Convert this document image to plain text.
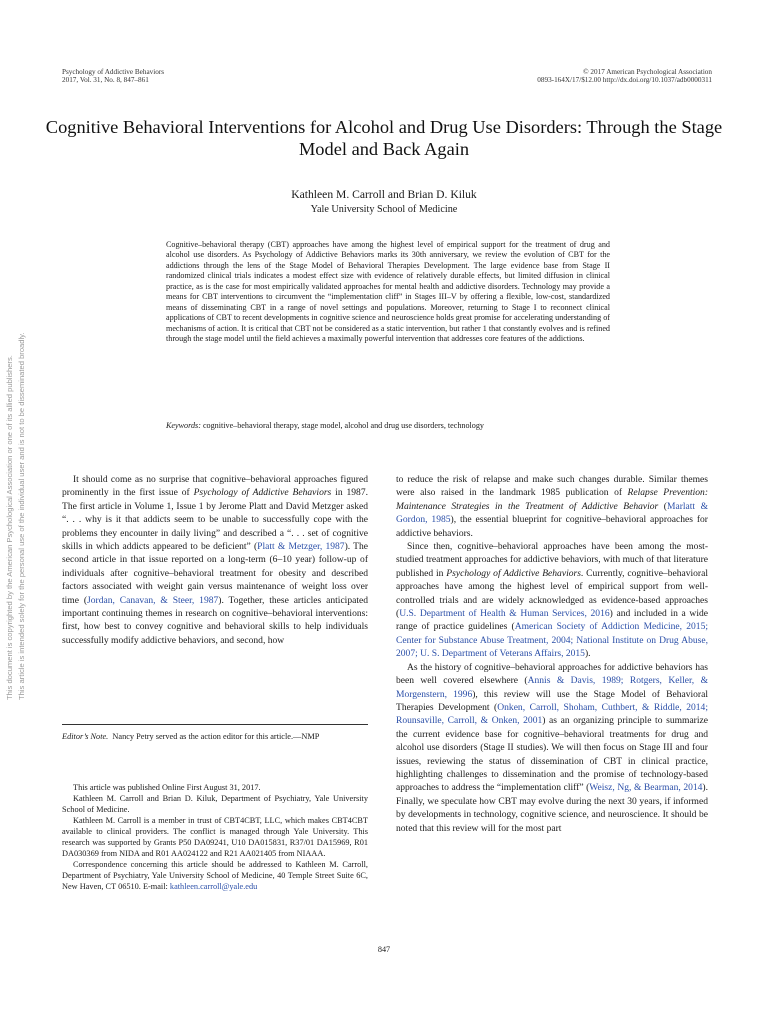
Psychology of Addictive Behaviors
2017, Vol. 31, No. 8, 847–861
© 2017 American Psychological Association
0893-164X/17/$12.00 http://dx.doi.org/10.1037/adb0000311
This document is copyrighted by the American Psychological Association or one of its allied publishers. This article is intended solely for the personal use of the individual user and is not to be disseminated broadly.
Cognitive Behavioral Interventions for Alcohol and Drug Use Disorders: Through the Stage Model and Back Again
Kathleen M. Carroll and Brian D. Kiluk
Yale University School of Medicine
Cognitive–behavioral therapy (CBT) approaches have among the highest level of empirical support for the treatment of drug and alcohol use disorders. As Psychology of Addictive Behaviors marks its 30th anniversary, we review the evolution of CBT for the addictions through the lens of the Stage Model of Behavioral Therapies Development. The large evidence base from Stage II randomized clinical trials indicates a modest effect size with evidence of relatively durable effects, but limited diffusion in clinical practice, as is the case for most empirically validated approaches for mental health and addictive disorders. Technology may provide a means for CBT interventions to circumvent the “implementation cliff” in Stages III–V by offering a flexible, low-cost, standardized means of disseminating CBT in a range of novel settings and populations. Moreover, returning to Stage I to reconnect clinical applications of CBT to recent developments in cognitive science and neuroscience holds great promise for accelerating understanding of mechanisms of action. It is critical that CBT not be considered as a static intervention, but rather 1 that constantly evolves and is refined through the stage model until the field achieves a maximally powerful intervention that addresses core features of the addictions.
Keywords: cognitive–behavioral therapy, stage model, alcohol and drug use disorders, technology

It should come as no surprise that cognitive–behavioral approaches figured prominently in the first issue of Psychology of Addictive Behaviors in 1987. The first article in Volume 1, Issue 1 by Jerome Platt and David Metzger asked “. . . why is it that addicts seem to be unable to successfully cope with the problems they encounter in daily living” and described a “. . . set of cognitive skills in which addicts appeared to be deficient” (Platt & Metzger, 1987). The second article in that issue reported on a long-term (6–10 year) follow-up of individuals after cognitive–behavioral treatment for obesity and described factors associated with weight gain versus maintenance of weight loss over time (Jordan, Canavan, & Steer, 1987). Together, these articles anticipated important continuing themes in research on cognitive–behavioral interventions: first, how best to convey cognitive and behavioral skills to help individuals successfully modify addictive behaviors, and second, how

to reduce the risk of relapse and make such changes durable. Similar themes were also raised in the landmark 1985 publication of Relapse Prevention: Maintenance Strategies in the Treatment of Addictive Behavior (Marlatt & Gordon, 1985), the essential blueprint for cognitive–behavioral approaches for addictive behaviors.

Since then, cognitive–behavioral approaches have been among the most-studied treatment approaches for addictive behaviors, with much of that literature published in Psychology of Addictive Behaviors. Currently, cognitive–behavioral approaches have among the highest level of empirical support from well-controlled trials and are widely acknowledged as evidence-based approaches (U.S. Department of Health & Human Services, 2016) and included in a wide range of practice guidelines (American Society of Addiction Medicine, 2015; Center for Substance Abuse Treatment, 2004; National Institute on Drug Abuse, 2007; U. S. Department of Veterans Affairs, 2015).

As the history of cognitive–behavioral approaches for addictive behaviors has been well covered elsewhere (Annis & Davis, 1989; Rotgers, Keller, & Morgenstern, 1996), this review will use the Stage Model of Behavioral Therapies Development (Onken, Carroll, Shoham, Cuthbert, & Riddle, 2014; Rounsaville, Carroll, & Onken, 2001) as an organizing principle to summarize the current evidence base for cognitive–behavioral treatments for drug and alcohol use disorders (Stage II studies). We will then focus on Stage III and four issues, reviewing the status of dissemination of CBT in clinical practice, highlighting challenges to dissemination and the promise of technology-based approaches to address the “implementation cliff” (Weisz, Ng, & Bearman, 2014). Finally, we speculate how CBT may evolve during the next 30 years, if informed by developments in technology, cognitive science, and neuroscience. It should be noted that this review will for the most part

Editor’s Note. Nancy Petry served as the action editor for this article.—NMP

This article was published Online First August 31, 2017.

Kathleen M. Carroll and Brian D. Kiluk, Department of Psychiatry, Yale University School of Medicine.

Kathleen M. Carroll is a member in trust of CBT4CBT, LLC, which makes CBT4CBT available to clinical providers. The conflict is managed through Yale University. This research was supported by Grants P50 DA09241, U10 DA015831, R37/01 DA15969, R01 DA030369 from NIDA and R01 AA024122 and R21 AA021405 from NIAAA.

Correspondence concerning this article should be addressed to Kathleen M. Carroll, Department of Psychiatry, Yale University School of Medicine, 40 Temple Street Suite 6C, New Haven, CT 06510. E-mail: kathleen.carroll@yale.edu

847
